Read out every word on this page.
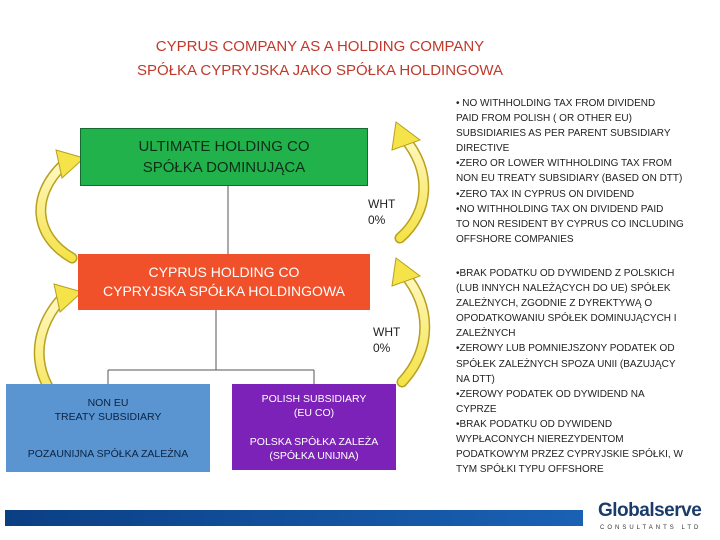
CYPRUS COMPANY AS A HOLDING COMPANY
SPÓŁKA CYPRYJSKA JAKO SPÓŁKA HOLDINGOWA
ULTIMATE HOLDING CO
SPÓŁKA DOMINUJĄCA
WHT
0%
CYPRUS HOLDING CO
CYPRYJSKA SPÓŁKA HOLDINGOWA
WHT
0%
NON EU
TREATY SUBSIDIARY
POZAUNIJNA SPÓŁKA ZALEŻNA
POLISH SUBSIDIARY
(EU CO)
POLSKA SPÓŁKA ZALEŻA
(SPÓŁKA UNIJNA)
• NO WITHHOLDING TAX FROM DIVIDEND
PAID FROM POLISH ( OR OTHER EU)
SUBSIDIARIES AS PER PARENT SUBSIDIARY
DIRECTIVE
•ZERO OR LOWER WITHHOLDING TAX FROM
NON EU TREATY SUBSIDIARY (BASED ON DTT)
•ZERO TAX IN CYPRUS ON DIVIDEND
•NO WITHHOLDING TAX ON DIVIDEND PAID
TO NON RESIDENT BY CYPRUS CO INCLUDING
OFFSHORE COMPANIES
•BRAK PODATKU OD DYWIDEND Z POLSKICH
(LUB INNYCH NALEŻĄCYCH DO UE) SPÓŁEK
ZALEŻNYCH, ZGODNIE Z DYREKTYWĄ O
OPODATKOWANIU SPÓŁEK DOMINUJĄCYCH I
ZALEŻNYCH
•ZEROWY LUB POMNIEJSZONY PODATEK OD
SPÓŁEK ZALEŻNYCH SPOZA UNII (BAZUJĄCY
NA DTT)
•ZEROWY PODATEK OD DYWIDEND NA
CYPRZE
•BRAK PODATKU OD DYWIDEND
WYPŁACONYCH NIEREZYDENTOM
PODATKOWYM PRZEZ CYPRYJSKIE SPÓŁKI, W
TYM SPÓŁKI TYPU OFFSHORE
Globalserve
CONSULTANTS LTD
